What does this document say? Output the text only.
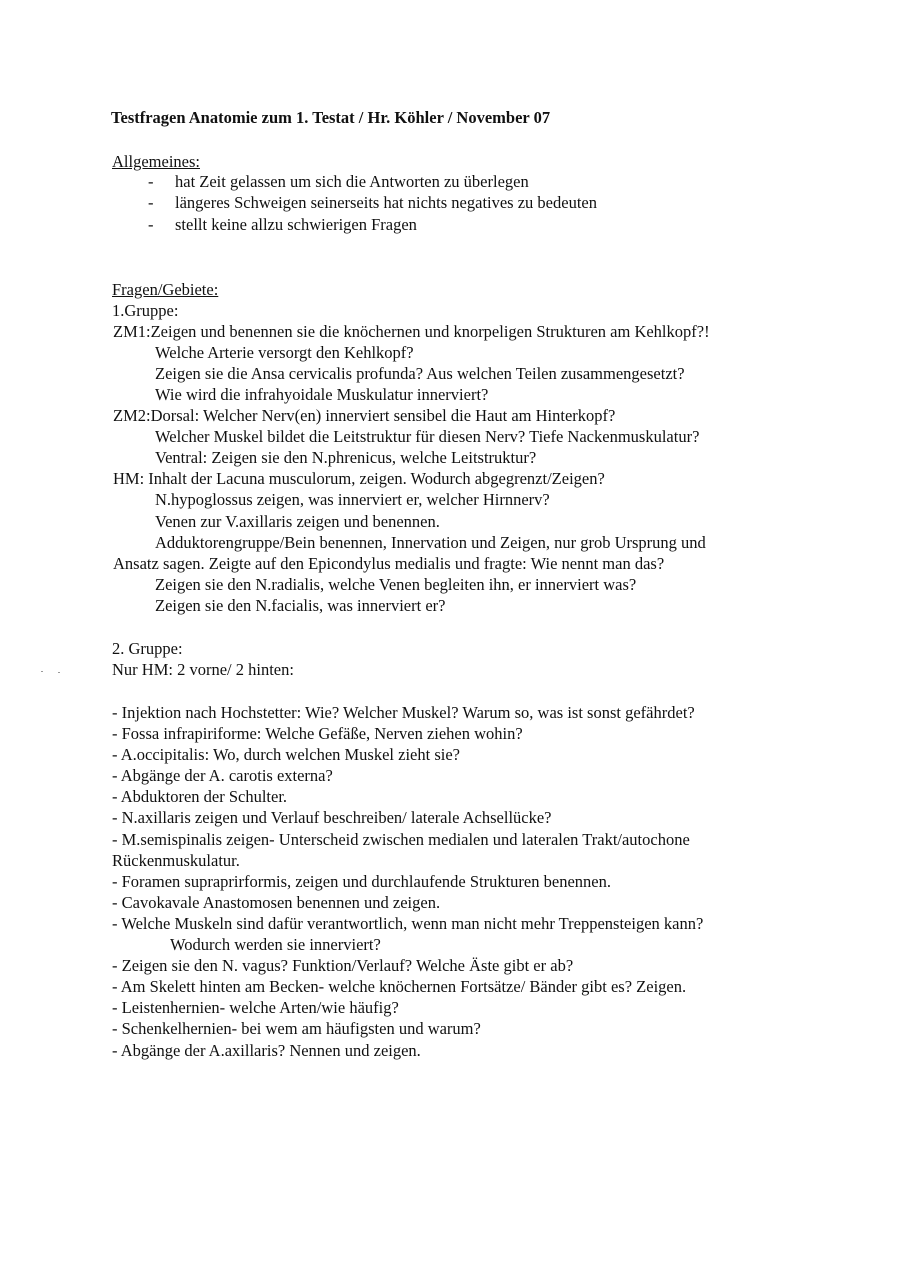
Testfragen Anatomie zum 1. Testat / Hr. Köhler / November 07
Allgemeines:
- hat Zeit gelassen um sich die Antworten zu überlegen
- längeres Schweigen seinerseits hat nichts negatives zu bedeuten
- stellt keine allzu schwierigen Fragen
Fragen/Gebiete:
1.Gruppe:
ZM1:Zeigen und benennen sie die knöchernen und knorpeligen Strukturen am Kehlkopf?!
Welche Arterie versorgt den Kehlkopf?
Zeigen sie die Ansa cervicalis profunda? Aus welchen Teilen zusammengesetzt?
Wie wird die infrahyoidale Muskulatur innerviert?
ZM2:Dorsal: Welcher Nerv(en) innerviert sensibel die Haut am Hinterkopf?
Welcher Muskel bildet die Leitstruktur für diesen Nerv? Tiefe Nackenmuskulatur?
Ventral: Zeigen sie den N.phrenicus, welche Leitstruktur?
HM: Inhalt der Lacuna musculorum, zeigen. Wodurch abgegrenzt/Zeigen?
N.hypoglossus zeigen, was innerviert er, welcher Hirnnerv?
Venen zur V.axillaris zeigen und benennen.
Adduktorengruppe/Bein benennen, Innervation und Zeigen, nur grob Ursprung und
Ansatz sagen. Zeigte auf den Epicondylus medialis und fragte: Wie nennt man das?
Zeigen sie den N.radialis, welche Venen begleiten ihn, er innerviert was?
Zeigen sie den N.facialis, was innerviert er?
2. Gruppe:
Nur HM: 2 vorne/ 2 hinten:
- Injektion nach Hochstetter: Wie? Welcher Muskel? Warum so, was ist sonst gefährdet?
- Fossa infrapiriforme: Welche Gefäße, Nerven ziehen wohin?
- A.occipitalis: Wo, durch welchen Muskel zieht sie?
- Abgänge der A. carotis externa?
- Abduktoren der Schulter.
- N.axillaris zeigen und Verlauf beschreiben/ laterale Achsellücke?
- M.semispinalis zeigen- Unterscheid zwischen medialen und lateralen Trakt/autochone
Rückenmuskulatur.
- Foramen supraprirformis, zeigen und durchlaufende Strukturen benennen.
- Cavokavale Anastomosen benennen und zeigen.
- Welche Muskeln sind dafür verantwortlich, wenn man nicht mehr Treppensteigen kann?
Wodurch werden sie innerviert?
- Zeigen sie den N. vagus? Funktion/Verlauf? Welche Äste gibt er ab?
- Am Skelett hinten am Becken- welche knöchernen Fortsätze/ Bänder gibt es? Zeigen.
- Leistenhernien- welche Arten/wie häufig?
- Schenkelhernien- bei wem am häufigsten und warum?
- Abgänge der A.axillaris? Nennen und zeigen.
